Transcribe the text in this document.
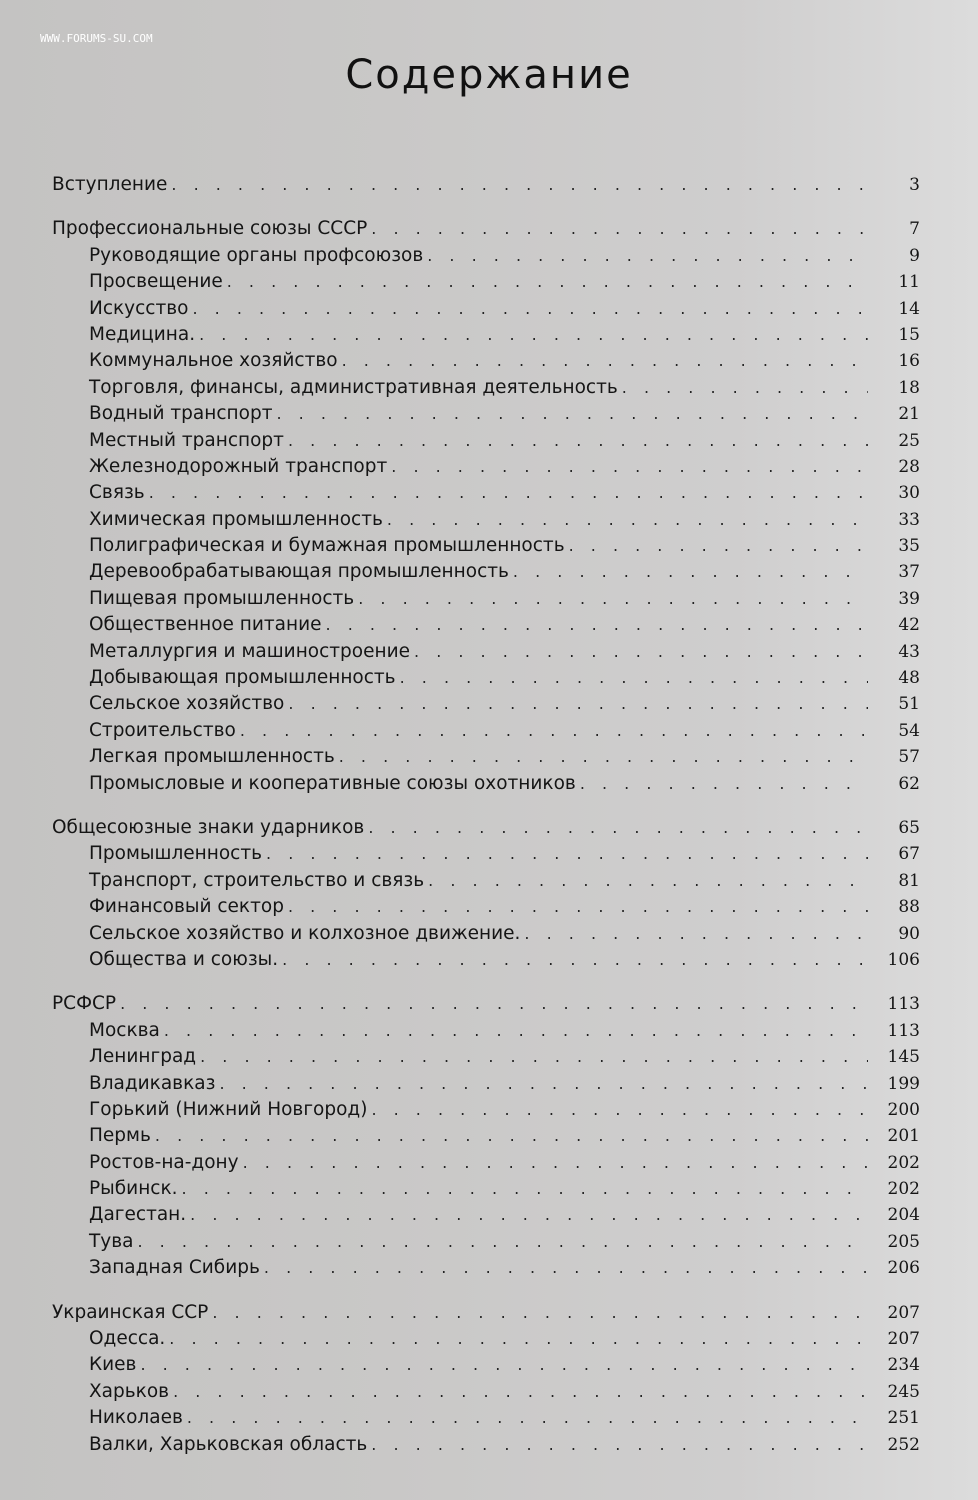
WWW.FORUMS-SU.COM
Содержание
Вступление . . .	3
Профессиональные союзы СССР . . .	7
Руководящие органы профсоюзов . . .	9
Просвещение . . .	11
Искусство . . .	14
Медицина. . . .	15
Коммунальное хозяйство . . .	16
Торговля, финансы, административная деятельность . . .	18
Водный транспорт . . .	21
Местный транспорт . . .	25
Железнодорожный транспорт . . .	28
Связь . . .	30
Химическая промышленность . . .	33
Полиграфическая и бумажная промышленность . . .	35
Деревообрабатывающая промышленность . . .	37
Пищевая промышленность . . .	39
Общественное питание . . .	42
Металлургия и машиностроение . . .	43
Добывающая промышленность . . .	48
Сельское хозяйство . . .	51
Строительство . . .	54
Легкая промышленность . . .	57
Промысловые и кооперативные союзы охотников . . .	62
Общесоюзные знаки ударников . . .	65
Промышленность . . .	67
Транспорт, строительство и связь . . .	81
Финансовый сектор . . .	88
Сельское хозяйство и колхозное движение. . . .	90
Общества и союзы. . . .	106
РСФСР . . .	113
Москва . . .	113
Ленинград . . .	145
Владикавказ . . .	199
Горький (Нижний Новгород) . . .	200
Пермь . . .	201
Ростов-на-дону . . .	202
Рыбинск. . . .	202
Дагестан. . . .	204
Тува . . .	205
Западная Сибирь . . .	206
Украинская ССР . . .	207
Одесса. . . .	207
Киев . . .	234
Харьков . . .	245
Николаев . . .	251
Валки, Харьковская область . . .	252
